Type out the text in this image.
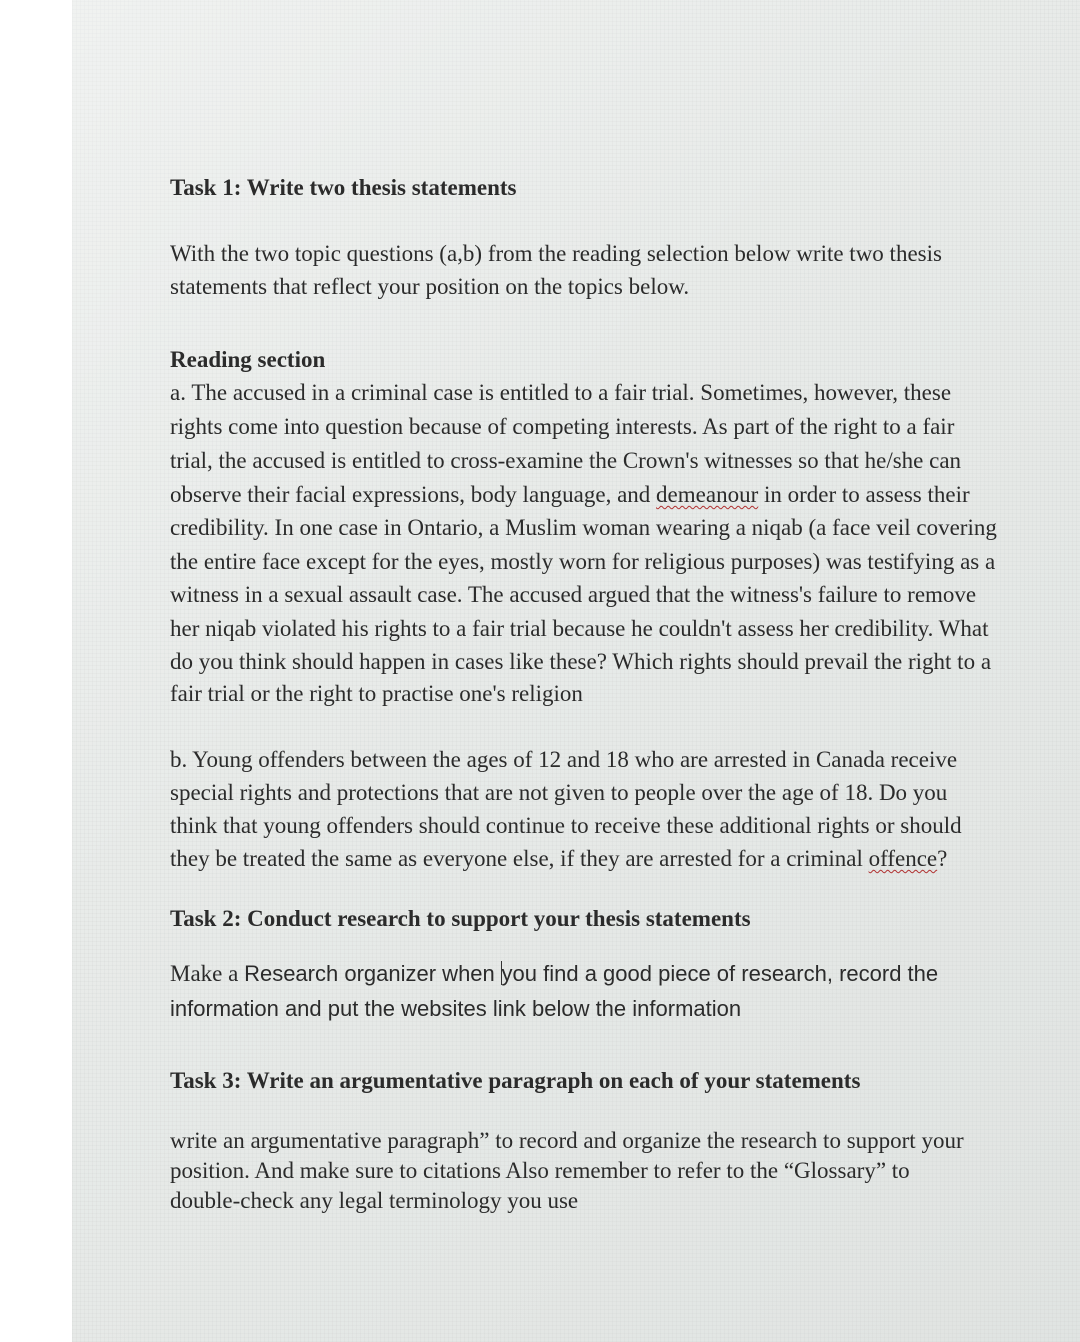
Task 1: Write two thesis statements
With the two topic questions (a,b) from the reading selection below write two thesis
statements that reflect your position on the topics below.
Reading section
a. The accused in a criminal case is entitled to a fair trial. Sometimes, however, these
rights come into question because of competing interests. As part of the right to a fair
trial, the accused is entitled to cross-examine the Crown's witnesses so that he/she can
observe their facial expressions, body language, and demeanour in order to assess their
credibility. In one case in Ontario, a Muslim woman wearing a niqab (a face veil covering
the entire face except for the eyes, mostly worn for religious purposes) was testifying as a
witness in a sexual assault case. The accused argued that the witness's failure to remove
her niqab violated his rights to a fair trial because he couldn't assess her credibility. What
do you think should happen in cases like these? Which rights should prevail the right to a
fair trial or the right to practise one's religion
b. Young offenders between the ages of 12 and 18 who are arrested in Canada receive
special rights and protections that are not given to people over the age of 18. Do you
think that young offenders should continue to receive these additional rights or should
they be treated the same as everyone else, if they are arrested for a criminal offence?
Task 2: Conduct research to support your thesis statements
Make a Research organizer when you find a good piece of research, record the
information and put the websites link below the information
Task 3: Write an argumentative paragraph on each of your statements
write an argumentative paragraph” to record and organize the research to support your
position. And make sure to citations Also remember to refer to the “Glossary” to
double-check any legal terminology you use
